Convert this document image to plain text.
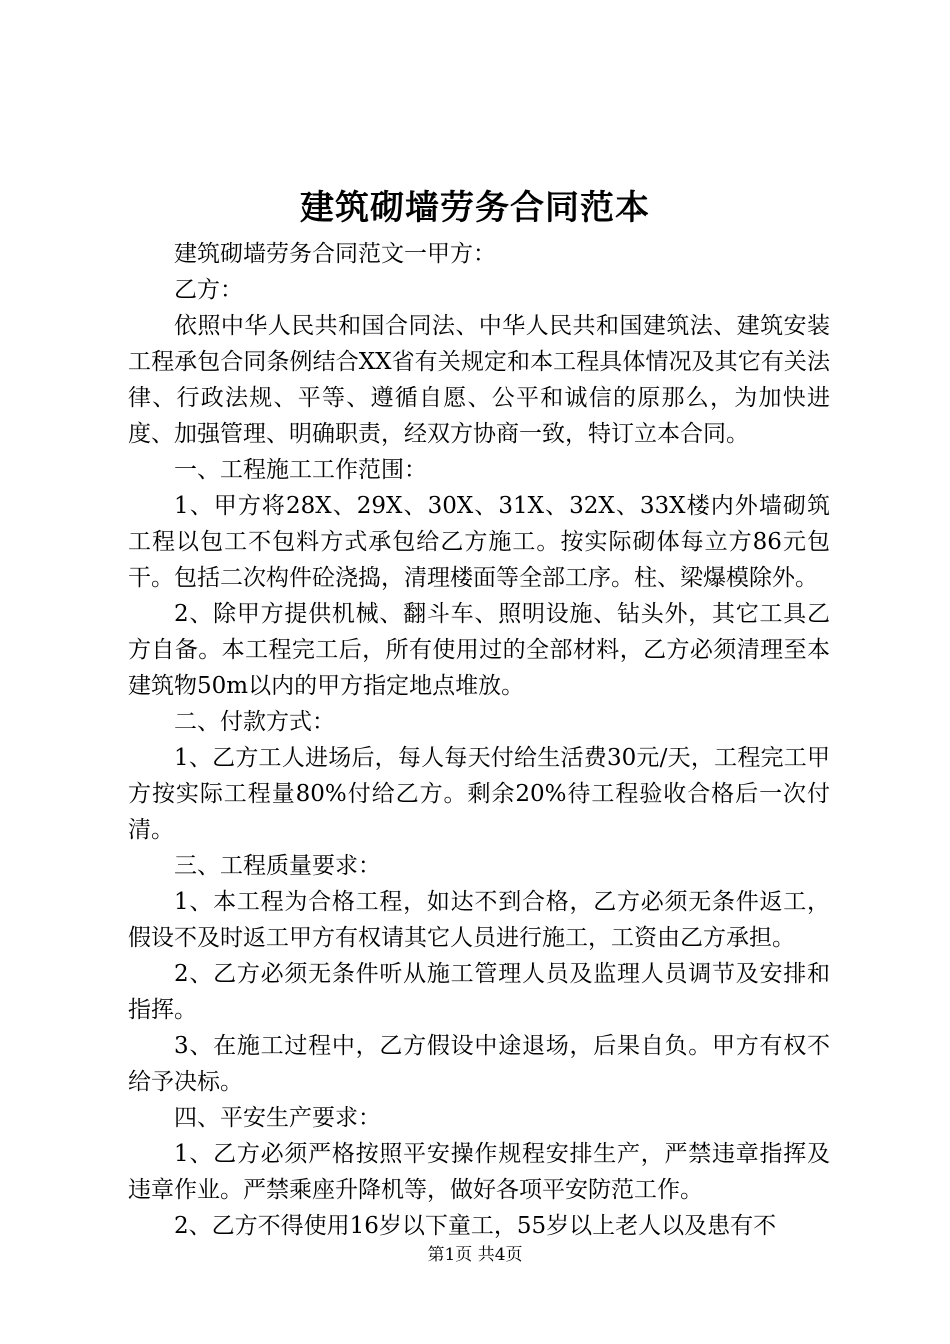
建筑砌墙劳务合同范本

建筑砌墙劳务合同范文一甲方：

乙方：

依照中华人民共和国合同法、中华人民共和国建筑法、建筑安装工程承包合同条例结合XX省有关规定和本工程具体情况及其它有关法律、行政法规、平等、遵循自愿、公平和诚信的原那么，为加快进度、加强管理、明确职责，经双方协商一致，特订立本合同。

一、工程施工工作范围：

1、甲方将28X、29X、30X、31X、32X、33X楼内外墙砌筑工程以包工不包料方式承包给乙方施工。按实际砌体每立方86元包干。包括二次构件砼浇捣，清理楼面等全部工序。柱、梁爆模除外。

2、除甲方提供机械、翻斗车、照明设施、钻头外，其它工具乙方自备。本工程完工后，所有使用过的全部材料，乙方必须清理至本建筑物50m以内的甲方指定地点堆放。

二、付款方式：

1、乙方工人进场后，每人每天付给生活费30元/天，工程完工甲方按实际工程量80%付给乙方。剩余20%待工程验收合格后一次付清。

三、工程质量要求：

1、本工程为合格工程，如达不到合格，乙方必须无条件返工，假设不及时返工甲方有权请其它人员进行施工，工资由乙方承担。

2、乙方必须无条件听从施工管理人员及监理人员调节及安排和指挥。

3、在施工过程中，乙方假设中途退场，后果自负。甲方有权不给予决标。

四、平安生产要求：

1、乙方必须严格按照平安操作规程安排生产，严禁违章指挥及违章作业。严禁乘座升降机等，做好各项平安防范工作。

2、乙方不得使用16岁以下童工，55岁以上老人以及患有不

第1页 共4页
